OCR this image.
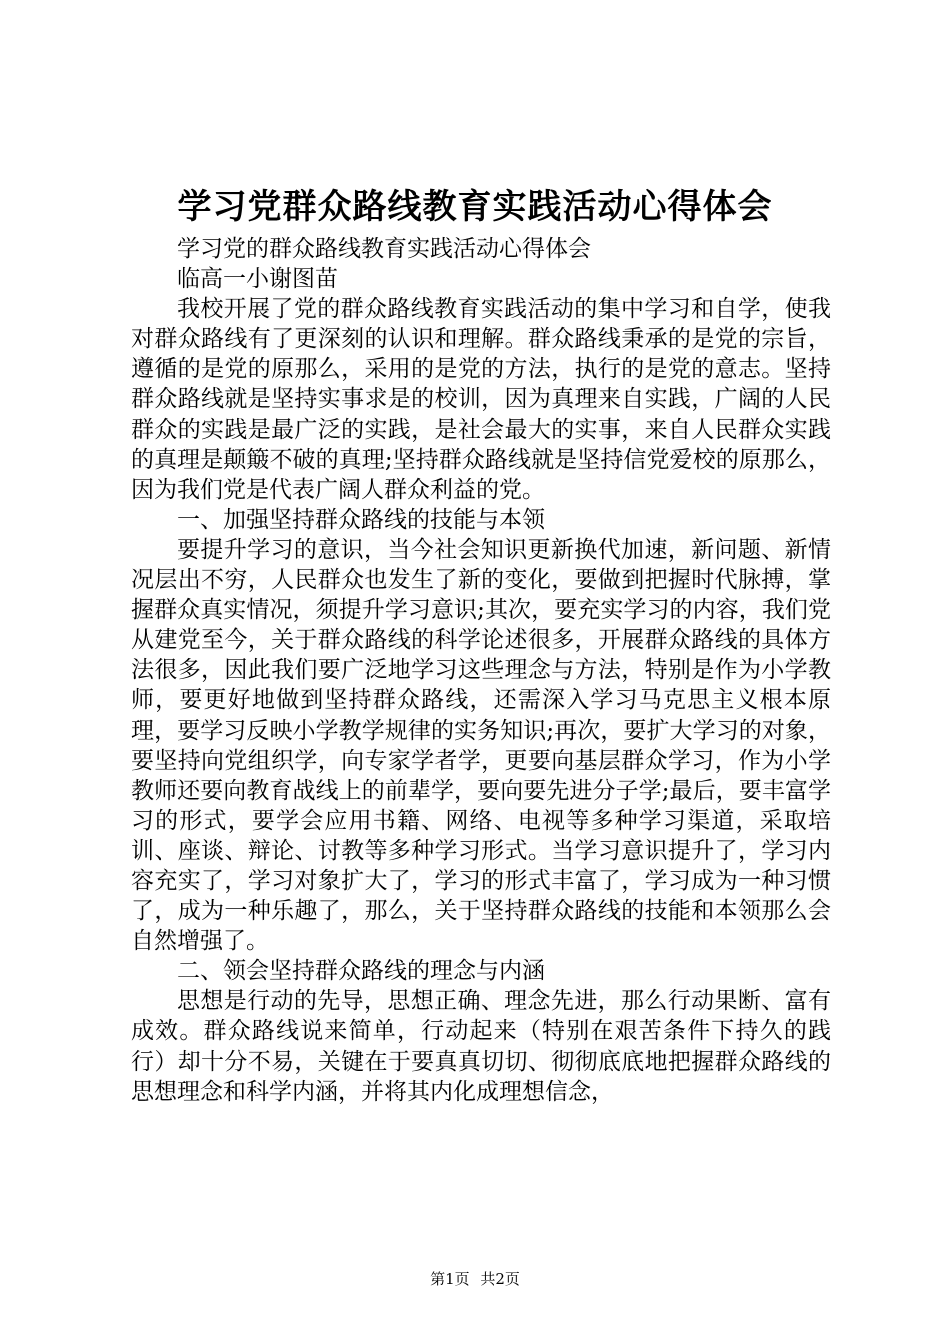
学习党群众路线教育实践活动心得体会

学习党的群众路线教育实践活动心得体会

临高一小谢图苗

我校开展了党的群众路线教育实践活动的集中学习和自学，使我对群众路线有了更深刻的认识和理解。群众路线秉承的是党的宗旨，遵循的是党的原那么，采用的是党的方法，执行的是党的意志。坚持群众路线就是坚持实事求是的校训，因为真理来自实践，广阔的人民群众的实践是最广泛的实践，是社会最大的实事，来自人民群众实践的真理是颠簸不破的真理;坚持群众路线就是坚持信党爱校的原那么，因为我们党是代表广阔人群众利益的党。

一、加强坚持群众路线的技能与本领

要提升学习的意识，当今社会知识更新换代加速，新问题、新情况层出不穷，人民群众也发生了新的变化，要做到把握时代脉搏，掌握群众真实情况，须提升学习意识;其次，要充实学习的内容，我们党从建党至今，关于群众路线的科学论述很多，开展群众路线的具体方法很多，因此我们要广泛地学习这些理念与方法，特别是作为小学教师，要更好地做到坚持群众路线，还需深入学习马克思主义根本原理，要学习反映小学教学规律的实务知识;再次，要扩大学习的对象，要坚持向党组织学，向专家学者学，更要向基层群众学习，作为小学教师还要向教育战线上的前辈学，要向要先进分子学;最后，要丰富学习的形式，要学会应用书籍、网络、电视等多种学习渠道，采取培训、座谈、辩论、讨教等多种学习形式。当学习意识提升了，学习内容充实了，学习对象扩大了，学习的形式丰富了，学习成为一种习惯了，成为一种乐趣了，那么，关于坚持群众路线的技能和本领那么会自然增强了。

二、领会坚持群众路线的理念与内涵

思想是行动的先导，思想正确、理念先进，那么行动果断、富有成效。群众路线说来简单，行动起来（特别在艰苦条件下持久的践行）却十分不易，关键在于要真真切切、彻彻底底地把握群众路线的思想理念和科学内涵，并将其内化成理想信念，

第1页 共2页
